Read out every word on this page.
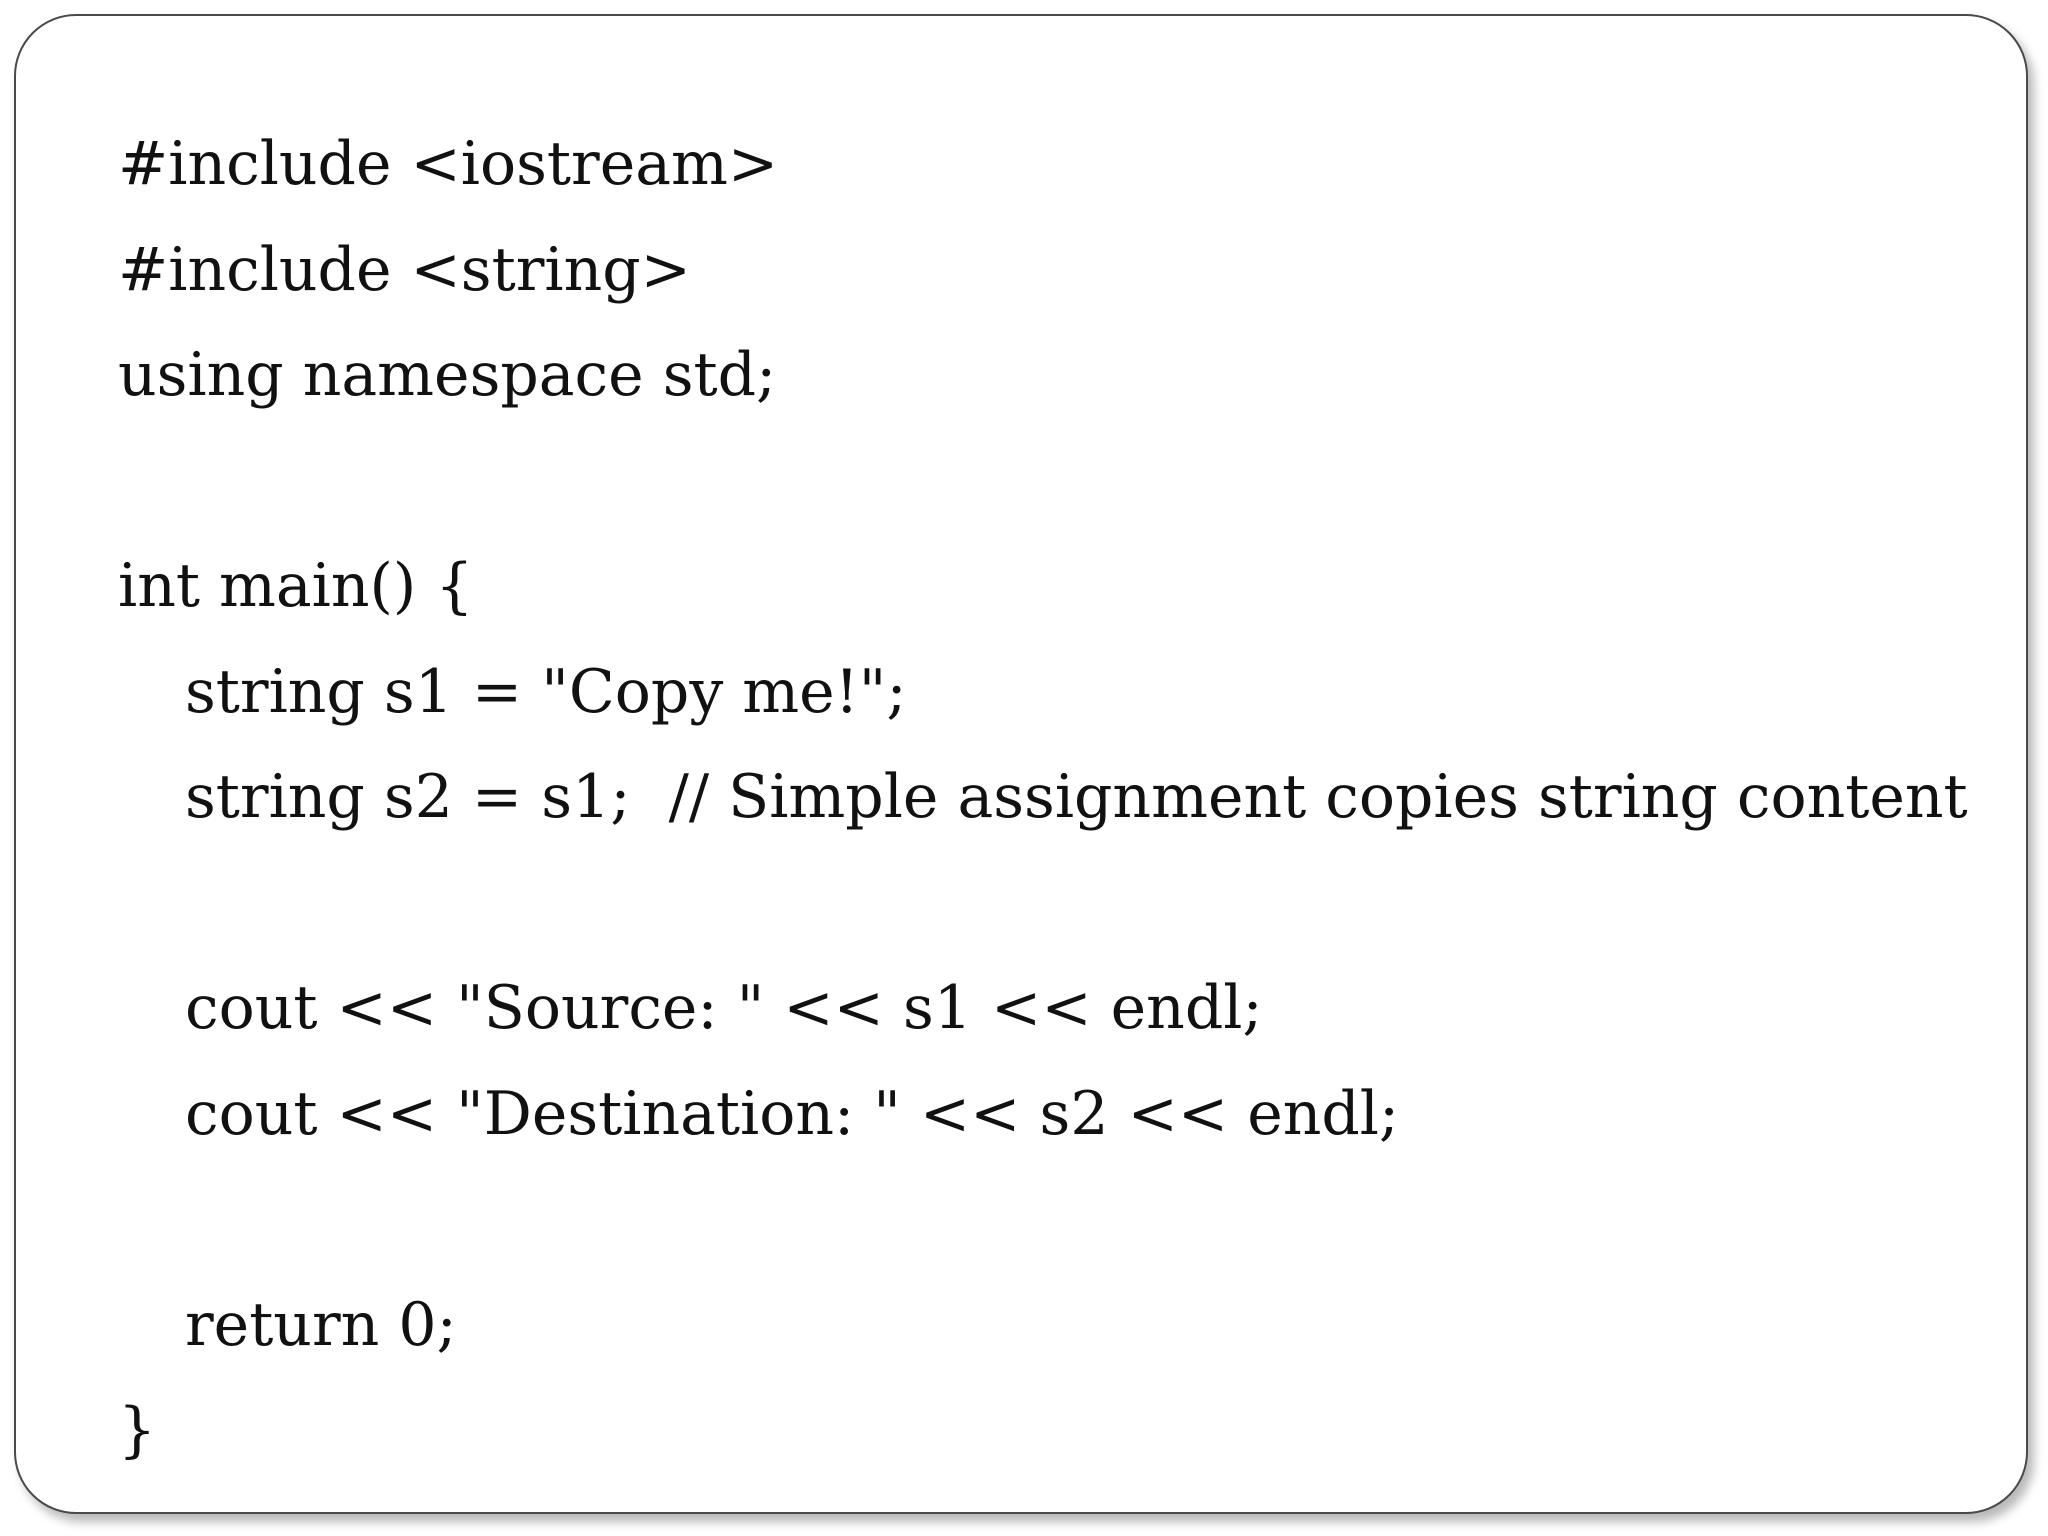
#include <iostream>
#include <string>
using namespace std;
int main() {
string s1 = "Copy me!";
string s2 = s1;  // Simple assignment copies string content
cout << "Source: " << s1 << endl;
cout << "Destination: " << s2 << endl;
return 0;
}
